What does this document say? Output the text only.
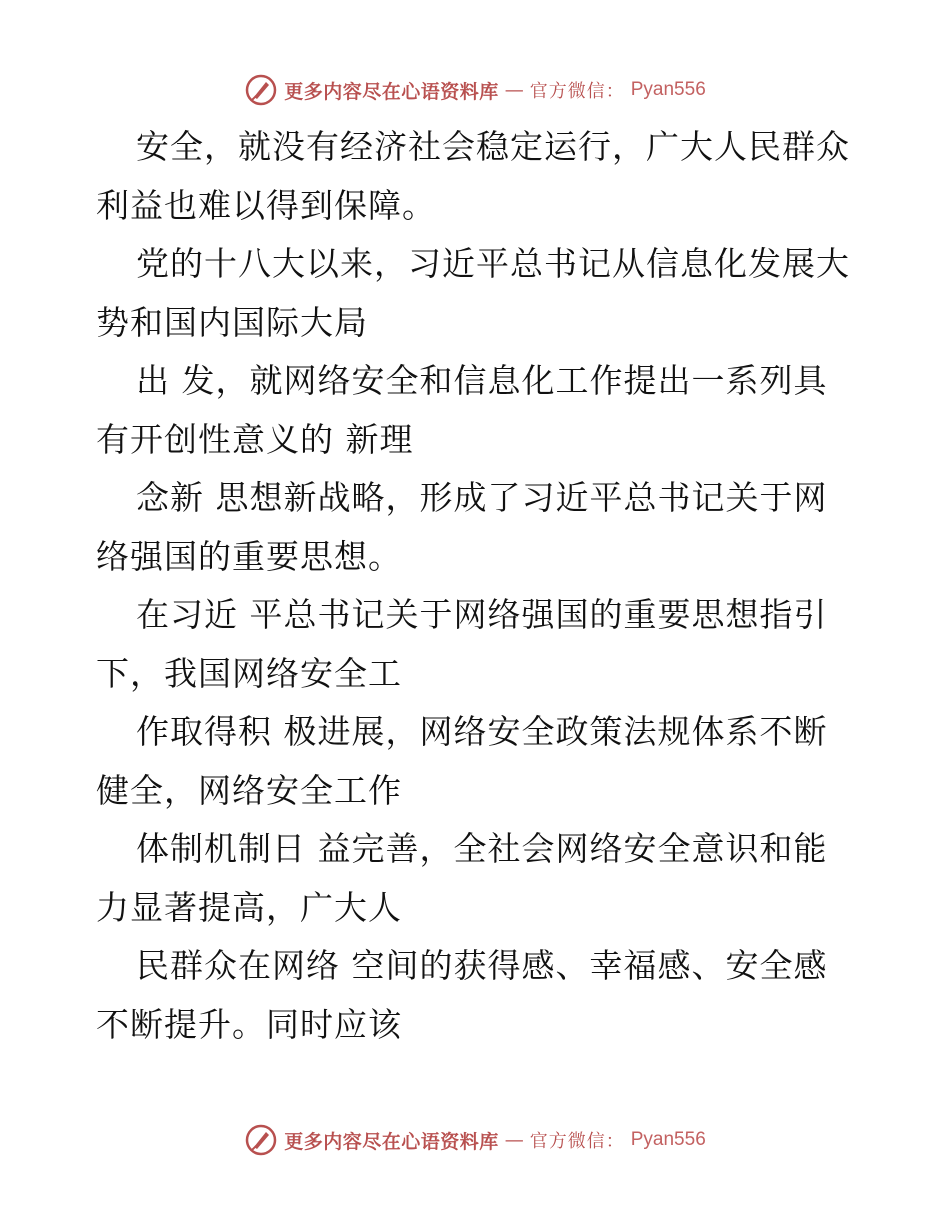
更多内容尽在心语资料库 — 官方微信： Pyan556
安全，就没有经济社会稳定运行，广大人民群众
利益也难以得到保障。
党的十八大以来，习近平总书记从信息化发展大
势和国内国际大局
出 发，就网络安全和信息化工作提出一系列具
有开创性意义的 新理
念新 思想新战略，形成了习近平总书记关于网
络强国的重要思想。
在习近 平总书记关于网络强国的重要思想指引
下，我国网络安全工
作取得积 极进展，网络安全政策法规体系不断
健全，网络安全工作
体制机制日 益完善，全社会网络安全意识和能
力显著提高，广大人
民群众在网络 空间的获得感、幸福感、安全感
不断提升。同时应该
更多内容尽在心语资料库 — 官方微信： Pyan556
